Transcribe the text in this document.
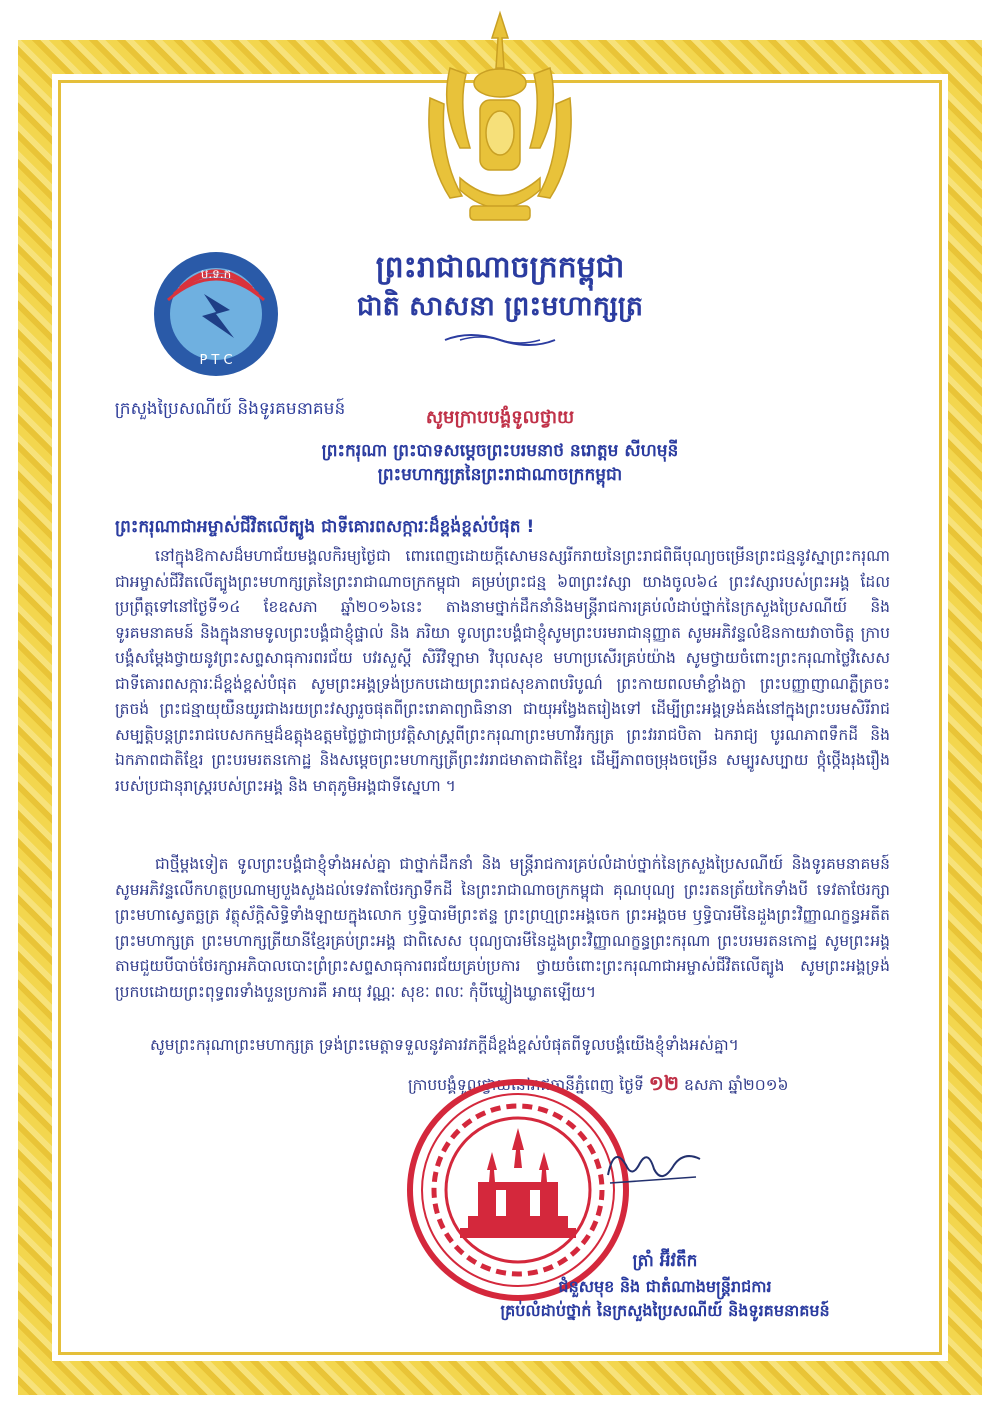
ប.ទ.ក
P T C
ក្រសួងប្រៃសណីយ៍ និងទូរគមនាគមន៍
ព្រះរាជាណាចក្រកម្ពុជា
ជាតិ សាសនា ព្រះមហាក្សត្រ
សូមក្រាបបង្គំទូលថ្វាយ
ព្រះករុណា ព្រះបាទសម្តេចព្រះបរមនាថ នរោត្តម សីហមុនី
ព្រះមហាក្សត្រនៃព្រះរាជាណាចក្រកម្ពុជា
ព្រះករុណាជាអម្ចាស់ជីវិតលើត្បូង ជាទីគោរពសក្ការៈដ៏ខ្ពង់ខ្ពស់បំផុត !
នៅក្នុងឱកាសដ៏មហាជ័យមង្គលកិរម្យថ្ងៃជា ពោរពេញដោយក្តីសោមនស្សរីករាយនៃព្រះរាជពិធីបុណ្យចម្រើនព្រះជន្មនូវស្នាព្រះករុណាជាអម្ចាស់ជីវិតលើត្បូងព្រះមហាក្សត្រនៃព្រះរាជាណាចក្រកម្ពុជា គម្រប់ព្រះជន្ម ៦៣ព្រះវស្សា យាងចូល៦៤ ព្រះវស្សារបស់ព្រះអង្គ ដែលប្រព្រឹត្តទៅនៅថ្ងៃទី១៤ ខែឧសភា ឆ្នាំ២០១៦នេះ តាងនាមថ្នាក់ដឹកនាំនិងមន្ត្រីរាជការគ្រប់លំដាប់ថ្នាក់នៃក្រសួងប្រៃសណីយ៍ និងទូរគមនាគមន៍ និងក្នុងនាមទូលព្រះបង្គំជាខ្ញុំផ្ទាល់ និង ភរិយា ទូលព្រះបង្គំជាខ្ញុំសូមព្រះបរមរាជានុញ្ញាត សូមអភិវន្ទលំឱនកាយវាចាចិត្ត ក្រាបបង្គំសម្តែងថ្វាយនូវព្រះសព្ទសាធុការពរជ័យ បវរសួស្តី សិរីវិឡាមា វិបុលសុខ មហាប្រសើរគ្រប់យ៉ាង សូមថ្វាយចំពោះព្រះករុណាថ្លៃវិសេសជាទីគោរពសក្ការៈដ៏ខ្ពង់ខ្ពស់បំផុត សូមព្រះអង្គទ្រង់ប្រកបដោយព្រះរាជសុខភាពបរិបូណ៌ ព្រះកាយពលមាំខ្លាំងក្លា ព្រះបញ្ញាញាណភ្លឺត្រចះត្រចង់ ព្រះជន្មាយុយឺនយូរជាងរយព្រះវស្សារួចផុតពីព្រះរោគាព្យាធិនានា ជាយុអង្វែងតរៀងទៅ ដើម្បីព្រះអង្គទ្រង់គង់នៅក្នុងព្រះបរមសិរីរាជសម្បត្តិបន្តព្រះរាជបេសកកម្មដ៏ឧត្តុងឧត្តមថ្លៃថ្លាជាប្រវត្តិសាស្ត្រពីព្រះករុណាព្រះមហាវីរក្សត្រ ព្រះវររាជបិតា ឯករាជ្យ បូរណភាពទឹកដី និងឯកភាពជាតិខ្មែរ ព្រះបរមរតនកោដ្ឋ និងសម្តេចព្រះមហាក្សត្រីព្រះវររាជមាតាជាតិខ្មែរ ដើម្បីភាពចម្រុងចម្រើន សម្បូរសប្បាយ ថ្កុំថ្កើងរុងរឿងរបស់ប្រជានុរាស្ត្ររបស់ព្រះអង្គ និង មាតុភូមិអង្គជាទីស្នេហា ។
ជាថ្មីម្តងទៀត ទូលព្រះបង្គំជាខ្ញុំទាំងអស់គ្នា ជាថ្នាក់ដឹកនាំ និង មន្ត្រីរាជការគ្រប់លំដាប់ថ្នាក់នៃក្រសួងប្រៃសណីយ៍ និងទូរគមនាគមន៍ សូមអភិវន្ទលើកហត្ថប្រណាម្យបួងសួងដល់ទេវតាថែរក្សាទឹកដី នៃព្រះរាជាណាចក្រកម្ពុជា គុណបុណ្យ ព្រះរតនត្រ័យកៃទាំងបី ទេវតាថែរក្សាព្រះមហាស្វេតច្ឆត្រ វត្ថុស័ក្តិសិទ្ធិទាំងឡាយក្នុងលោក ឫទ្ធិបារមីព្រះឥន្ទ ព្រះព្រហ្មព្រះអង្គចេក ព្រះអង្គចម ឫទ្ធិបារមីនៃដួងព្រះវិញ្ញាណក្ខន្ធអតីតព្រះមហាក្សត្រ ព្រះមហាក្សត្រីយានីខ្មែរគ្រប់ព្រះអង្គ ជាពិសេស បុណ្យបារមីនៃដួងព្រះវិញ្ញាណក្ខន្ធព្រះករុណា ព្រះបរមរតនកោដ្ឋ សូមព្រះអង្គតាមជួយបីបាច់ថែរក្សាអភិបាលបោះព្រំព្រះសព្ទសាធុការពរជ័យគ្រប់ប្រការ ថ្វាយចំពោះព្រះករុណាជាអម្ចាស់ជីវិតលើត្បូង សូមព្រះអង្គទ្រង់ប្រកបដោយព្រះពុទ្ធពរទាំងបួនប្រការគឺ អាយុ វណ្ណៈ សុខៈ ពលៈ កុំបីឃ្លៀងឃ្លាតឡើយ។
សូមព្រះករុណាព្រះមហាក្សត្រ ទ្រង់ព្រះមេត្តាទទួលនូវគារវភក្តីដ៏ខ្ពង់ខ្ពស់បំផុតពីទូលបង្គំយើងខ្ញុំទាំងអស់គ្នា។
ក្រាបបង្គំទូលថ្វាយនៅរាជធានីភ្នំពេញ ថ្ងៃទី ១២ ឧសភា ឆ្នាំ២០១៦
ត្រាំ អ៊ីវតឹក
ជំនួសមុខ និង ជាតំណាងមន្ត្រីរាជការ
គ្រប់លំដាប់ថ្នាក់ នៃក្រសួងប្រៃសណីយ៍ និងទូរគមនាគមន៍
